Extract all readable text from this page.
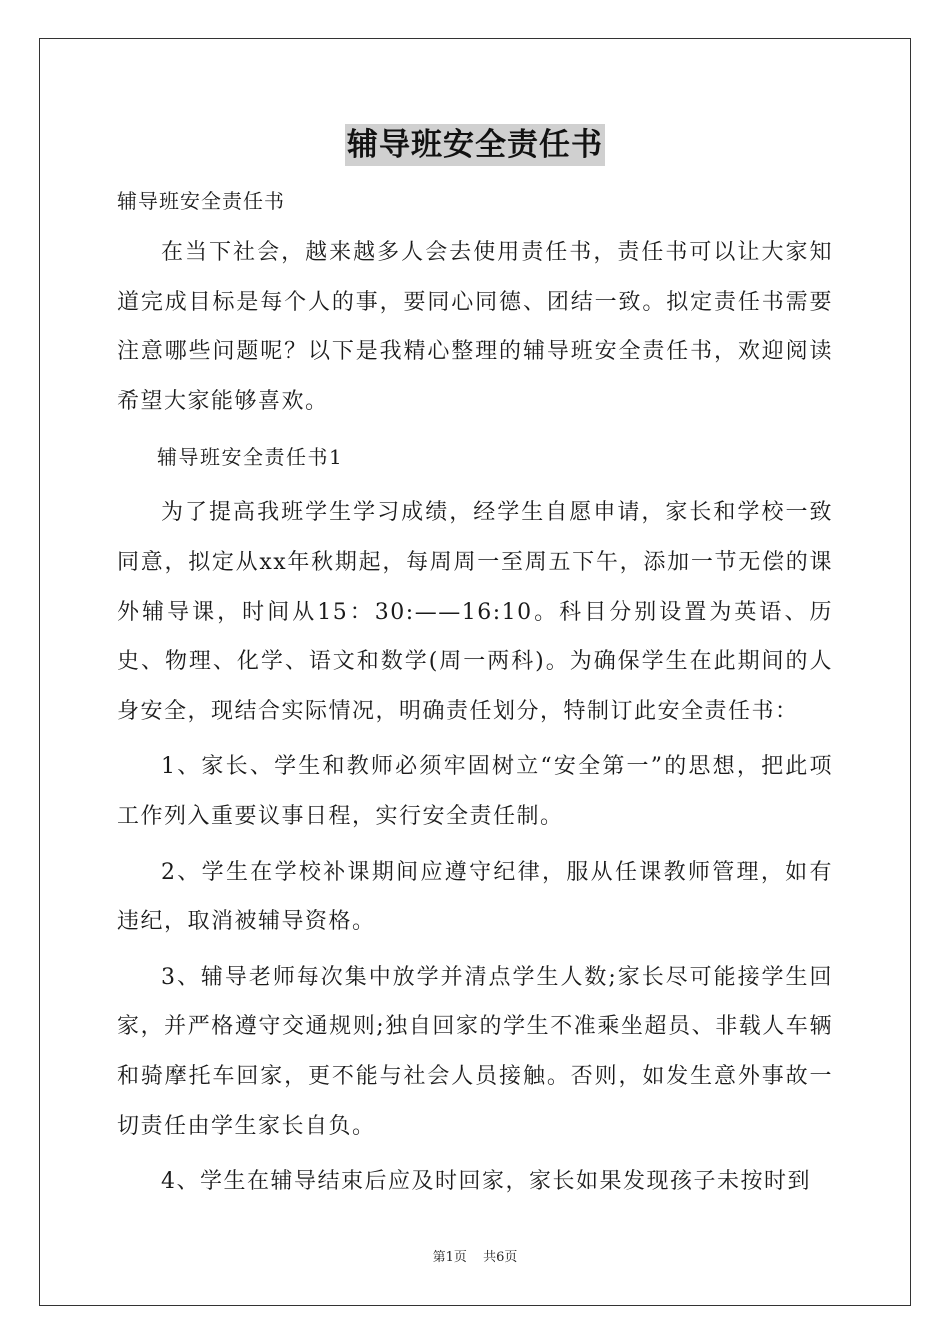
辅导班安全责任书

辅导班安全责任书

在当下社会，越来越多人会去使用责任书，责任书可以让大家知道完成目标是每个人的事，要同心同德、团结一致。拟定责任书需要注意哪些问题呢？以下是我精心整理的辅导班安全责任书，欢迎阅读希望大家能够喜欢。

辅导班安全责任书1

为了提高我班学生学习成绩，经学生自愿申请，家长和学校一致同意，拟定从xx年秋期起，每周周一至周五下午，添加一节无偿的课外辅导课，时间从15：30:——16:10。科目分别设置为英语、历史、物理、化学、语文和数学(周一两科)。为确保学生在此期间的人身安全，现结合实际情况，明确责任划分，特制订此安全责任书：

1、家长、学生和教师必须牢固树立“安全第一”的思想，把此项工作列入重要议事日程，实行安全责任制。

2、学生在学校补课期间应遵守纪律，服从任课教师管理，如有违纪，取消被辅导资格。

3、辅导老师每次集中放学并清点学生人数;家长尽可能接学生回家，并严格遵守交通规则;独自回家的学生不准乘坐超员、非载人车辆和骑摩托车回家，更不能与社会人员接触。否则，如发生意外事故一切责任由学生家长自负。

4、学生在辅导结束后应及时回家，家长如果发现孩子未按时到

第1页 共6页
